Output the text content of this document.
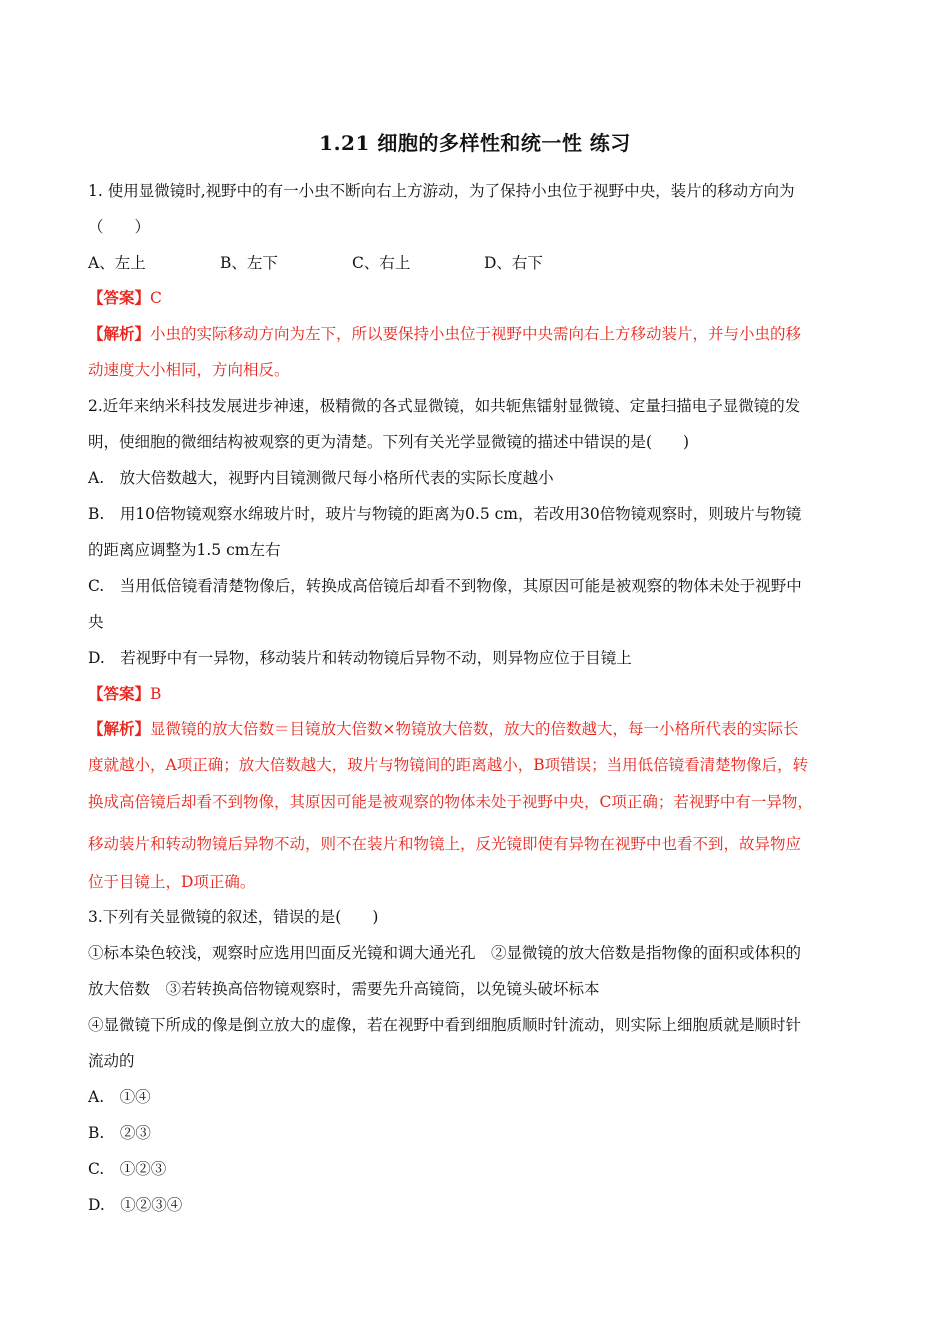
1.21 细胞的多样性和统一性 练习
1. 使用显微镜时,视野中的有一小虫不断向右上方游动，为了保持小虫位于视野中央，装片的移动方向为
（　　）
A、左上	B、左下	C、右上	D、右下
【答案】C
【解析】小虫的实际移动方向为左下，所以要保持小虫位于视野中央需向右上方移动装片，并与小虫的移
动速度大小相同，方向相反。
2.近年来纳米科技发展进步神速，极精微的各式显微镜，如共轭焦镭射显微镜、定量扫描电子显微镜的发
明，使细胞的微细结构被观察的更为清楚。下列有关光学显微镜的描述中错误的是(　　)
A.　放大倍数越大，视野内目镜测微尺每小格所代表的实际长度越小
B.　用10倍物镜观察水绵玻片时，玻片与物镜的距离为0.5 cm，若改用30倍物镜观察时，则玻片与物镜
的距离应调整为1.5 cm左右
C.　当用低倍镜看清楚物像后，转换成高倍镜后却看不到物像，其原因可能是被观察的物体未处于视野中
央
D.　若视野中有一异物，移动装片和转动物镜后异物不动，则异物应位于目镜上
【答案】B
【解析】显微镜的放大倍数＝目镜放大倍数×物镜放大倍数，放大的倍数越大，每一小格所代表的实际长
度就越小，A项正确；放大倍数越大，玻片与物镜间的距离越小，B项错误；当用低倍镜看清楚物像后，转
换成高倍镜后却看不到物像，其原因可能是被观察的物体未处于视野中央，C项正确；若视野中有一异物，
移动装片和转动物镜后异物不动，则不在装片和物镜上，反光镜即使有异物在视野中也看不到，故异物应
位于目镜上，D项正确。
3.下列有关显微镜的叙述，错误的是(　　)
①标本染色较浅，观察时应选用凹面反光镜和调大通光孔　②显微镜的放大倍数是指物像的面积或体积的
放大倍数　③若转换高倍物镜观察时，需要先升高镜筒，以免镜头破坏标本
④显微镜下所成的像是倒立放大的虚像，若在视野中看到细胞质顺时针流动，则实际上细胞质就是顺时针
流动的
A.　①④
B.　②③
C.　①②③
D.　①②③④
